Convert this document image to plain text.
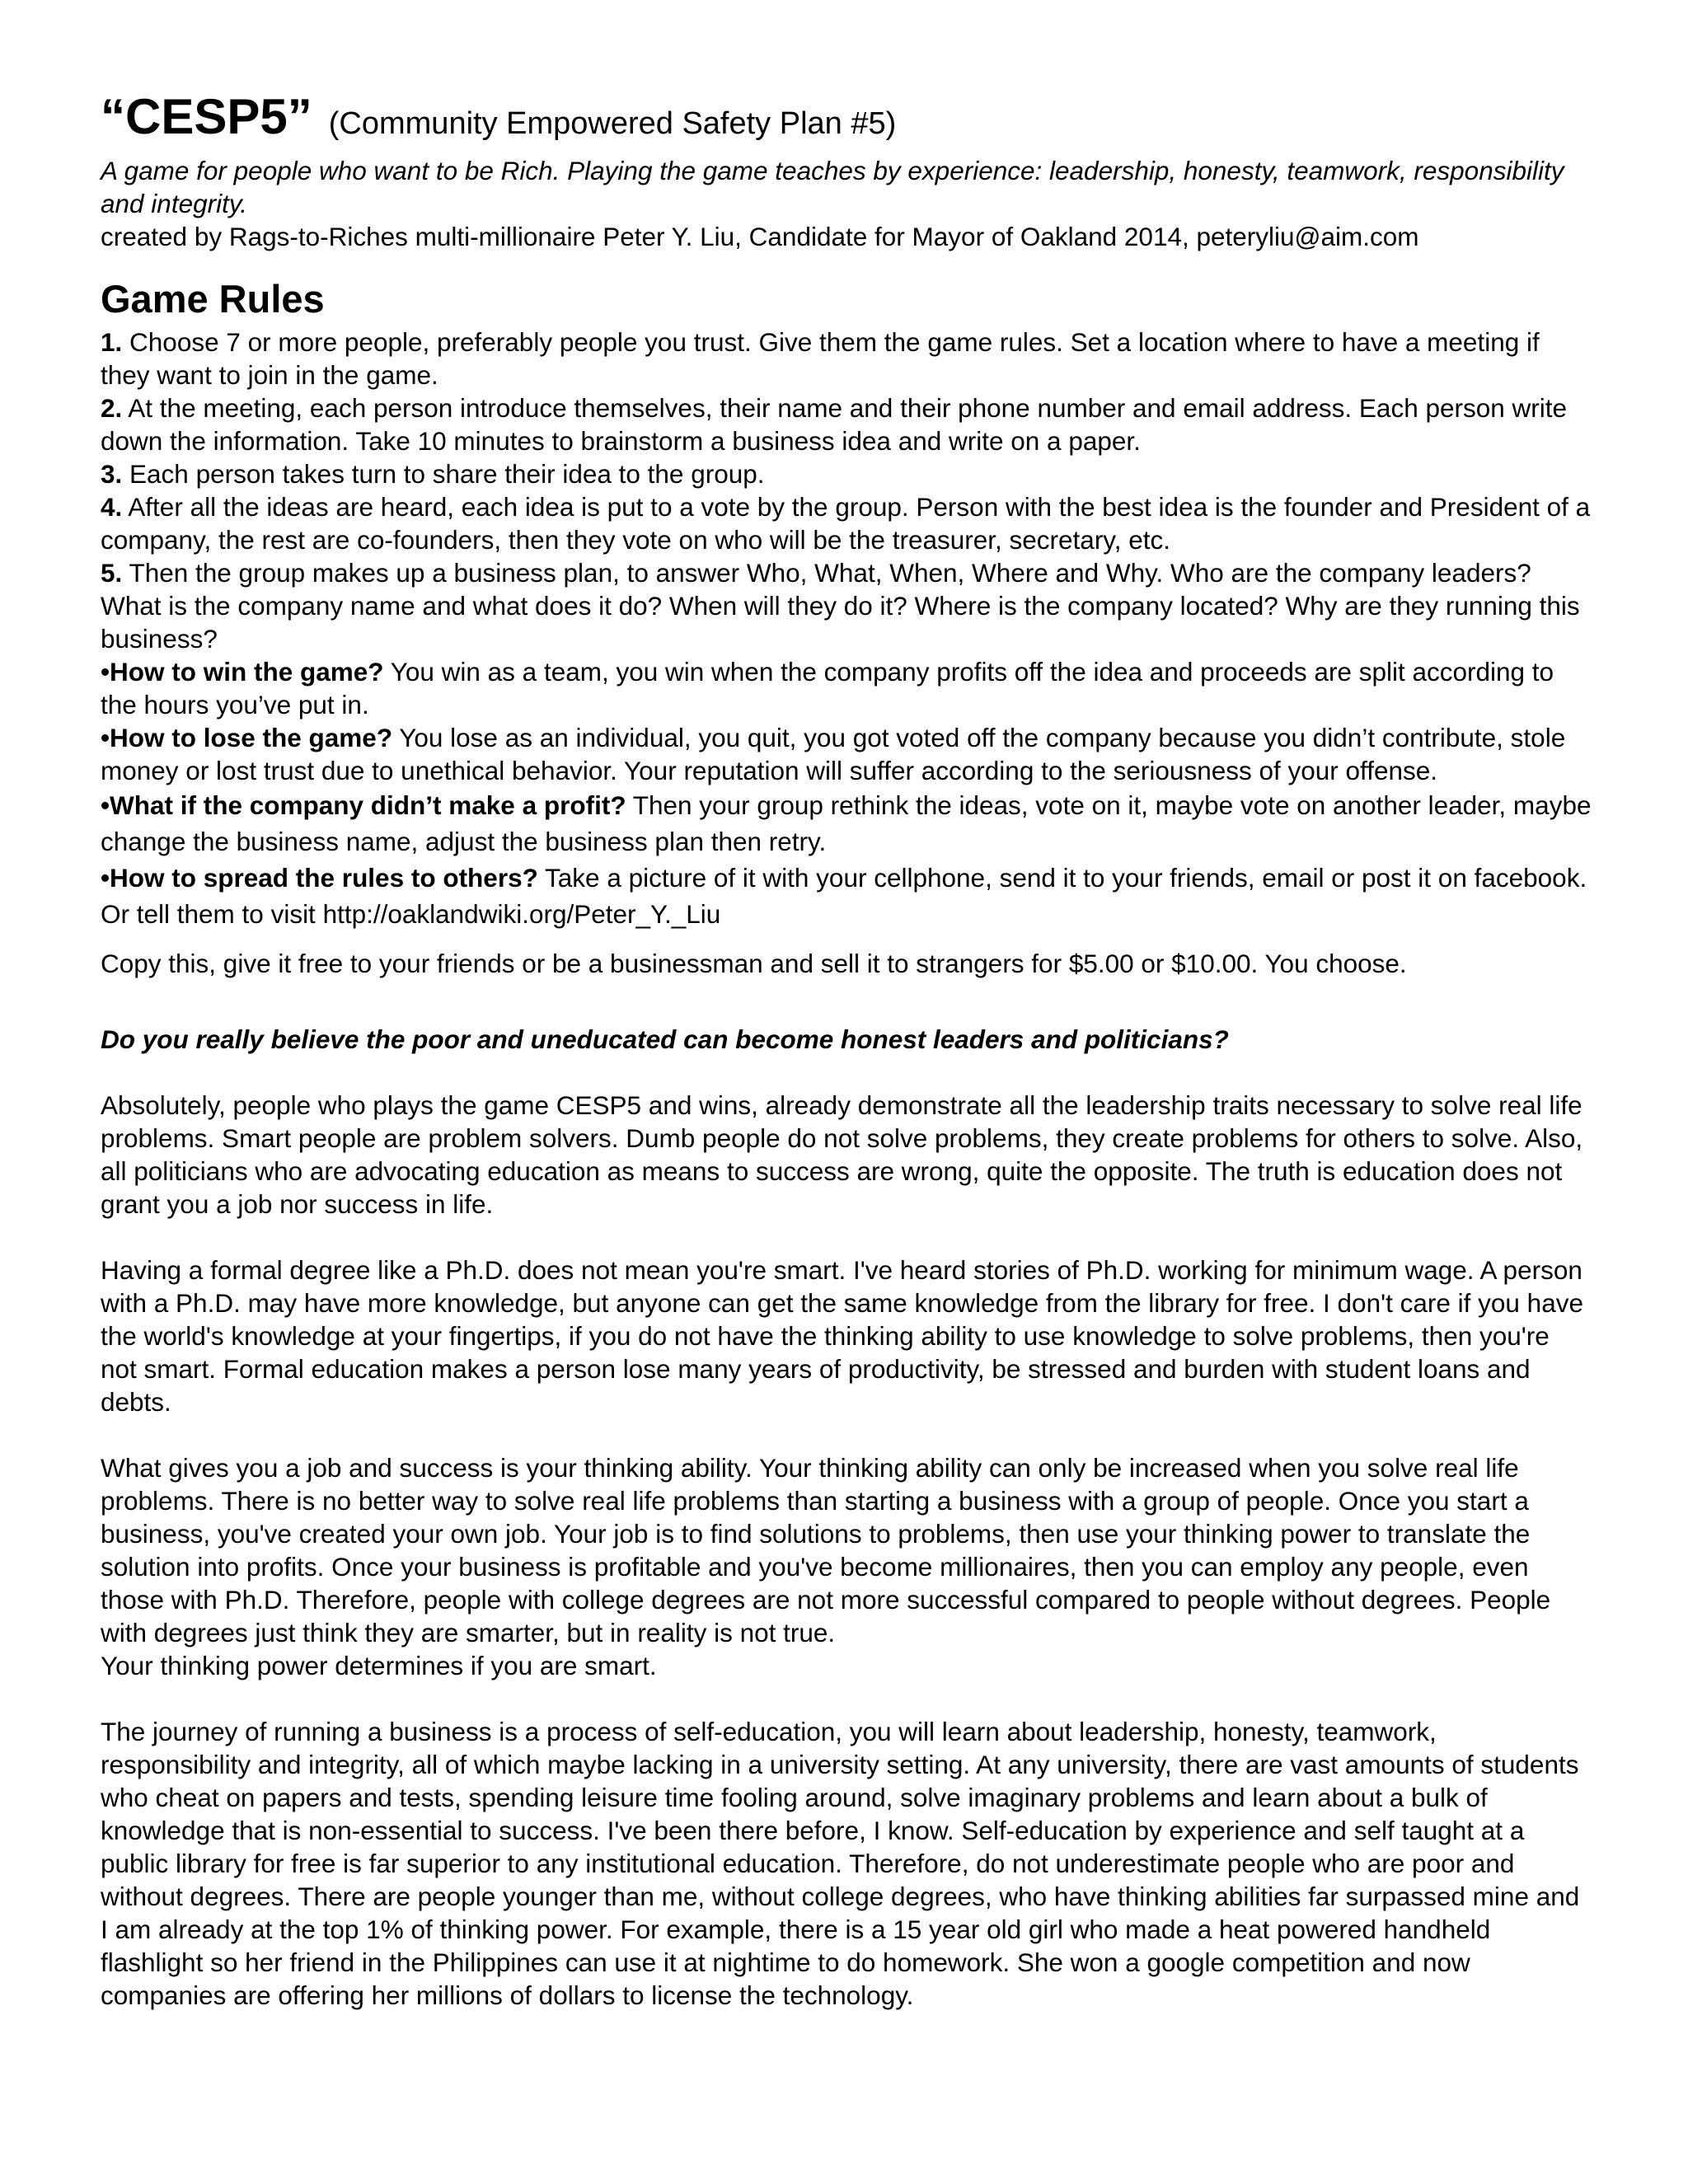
“CESP5” (Community Empowered Safety Plan #5)

A game for people who want to be Rich. Playing the game teaches by experience: leadership, honesty, teamwork, responsibility and integrity.

created by Rags-to-Riches multi-millionaire Peter Y. Liu, Candidate for Mayor of Oakland 2014, peteryliu@aim.com

Game Rules

1. Choose 7 or more people, preferably people you trust. Give them the game rules. Set a location where to have a meeting if they want to join in the game.

2. At the meeting, each person introduce themselves, their name and their phone number and email address. Each person write down the information. Take 10 minutes to brainstorm a business idea and write on a paper.

3. Each person takes turn to share their idea to the group.

4. After all the ideas are heard, each idea is put to a vote by the group. Person with the best idea is the founder and President of a company, the rest are co-founders, then they vote on who will be the treasurer, secretary, etc.

5. Then the group makes up a business plan, to answer Who, What, When, Where and Why. Who are the company leaders? What is the company name and what does it do? When will they do it? Where is the company located? Why are they running this business?

•How to win the game? You win as a team, you win when the company profits off the idea and proceeds are split according to the hours you’ve put in.

•How to lose the game? You lose as an individual, you quit, you got voted off the company because you didn’t contribute, stole money or lost trust due to unethical behavior. Your reputation will suffer according to the seriousness of your offense.

•What if the company didn’t make a profit? Then your group rethink the ideas, vote on it, maybe vote on another leader, maybe change the business name, adjust the business plan then retry.

•How to spread the rules to others? Take a picture of it with your cellphone, send it to your friends, email or post it on facebook. Or tell them to visit http://oaklandwiki.org/Peter_Y._Liu

Copy this, give it free to your friends or be a businessman and sell it to strangers for $5.00 or $10.00. You choose.

Do you really believe the poor and uneducated can become honest leaders and politicians?

Absolutely, people who plays the game CESP5 and wins, already demonstrate all the leadership traits necessary to solve real life problems. Smart people are problem solvers. Dumb people do not solve problems, they create problems for others to solve. Also, all politicians who are advocating education as means to success are wrong, quite the opposite. The truth is education does not grant you a job nor success in life.

Having a formal degree like a Ph.D. does not mean you're smart. I've heard stories of Ph.D. working for minimum wage. A person with a Ph.D. may have more knowledge, but anyone can get the same knowledge from the library for free. I don't care if you have the world's knowledge at your fingertips, if you do not have the thinking ability to use knowledge to solve problems, then you're not smart. Formal education makes a person lose many years of productivity, be stressed and burden with student loans and debts.

What gives you a job and success is your thinking ability. Your thinking ability can only be increased when you solve real life problems. There is no better way to solve real life problems than starting a business with a group of people. Once you start a business, you've created your own job. Your job is to find solutions to problems, then use your thinking power to translate the solution into profits. Once your business is profitable and you've become millionaires, then you can employ any people, even those with Ph.D. Therefore, people with college degrees are not more successful compared to people without degrees. People with degrees just think they are smarter, but in reality is not true.
Your thinking power determines if you are smart.

The journey of running a business is a process of self-education, you will learn about leadership, honesty, teamwork, responsibility and integrity, all of which maybe lacking in a university setting. At any university, there are vast amounts of students who cheat on papers and tests, spending leisure time fooling around, solve imaginary problems and learn about a bulk of knowledge that is non-essential to success. I've been there before, I know. Self-education by experience and self taught at a public library for free is far superior to any institutional education. Therefore, do not underestimate people who are poor and without degrees. There are people younger than me, without college degrees, who have thinking abilities far surpassed mine and I am already at the top 1% of thinking power. For example, there is a 15 year old girl who made a heat powered handheld flashlight so her friend in the Philippines can use it at nightime to do homework. She won a google competition and now companies are offering her millions of dollars to license the technology.
